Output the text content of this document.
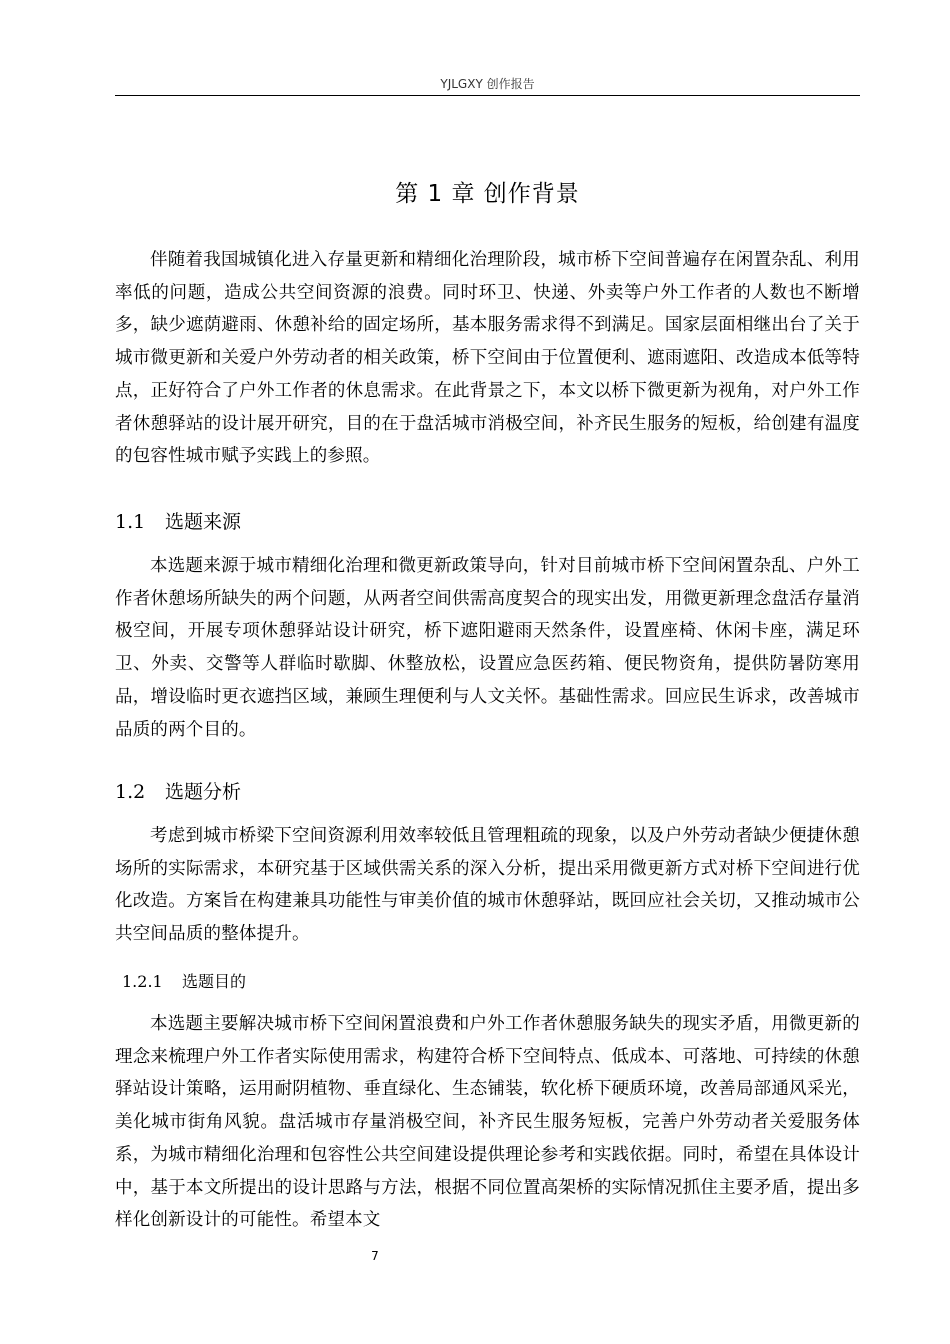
YJLGXY 创作报告
第 1 章 创作背景

伴随着我国城镇化进入存量更新和精细化治理阶段，城市桥下空间普遍存在闲置杂乱、利用率低的问题，造成公共空间资源的浪费。同时环卫、快递、外卖等户外工作者的人数也不断增多，缺少遮荫避雨、休憩补给的固定场所，基本服务需求得不到满足。国家层面相继出台了关于城市微更新和关爱户外劳动者的相关政策，桥下空间由于位置便利、遮雨遮阳、改造成本低等特点，正好符合了户外工作者的休息需求。在此背景之下，本文以桥下微更新为视角，对户外工作者休憩驿站的设计展开研究，目的在于盘活城市消极空间，补齐民生服务的短板，给创建有温度的包容性城市赋予实践上的参照。

1.1 选题来源

本选题来源于城市精细化治理和微更新政策导向，针对目前城市桥下空间闲置杂乱、户外工作者休憩场所缺失的两个问题，从两者空间供需高度契合的现实出发，用微更新理念盘活存量消极空间，开展专项休憩驿站设计研究，桥下遮阳避雨天然条件，设置座椅、休闲卡座，满足环卫、外卖、交警等人群临时歇脚、休整放松，设置应急医药箱、便民物资角，提供防暑防寒用品，增设临时更衣遮挡区域，兼顾生理便利与人文关怀。基础性需求。回应民生诉求，改善城市品质的两个目的。

1.2 选题分析

考虑到城市桥梁下空间资源利用效率较低且管理粗疏的现象，以及户外劳动者缺少便捷休憩场所的实际需求，本研究基于区域供需关系的深入分析，提出采用微更新方式对桥下空间进行优化改造。方案旨在构建兼具功能性与审美价值的城市休憩驿站，既回应社会关切，又推动城市公共空间品质的整体提升。

1.2.1 选题目的

本选题主要解决城市桥下空间闲置浪费和户外工作者休憩服务缺失的现实矛盾，用微更新的理念来梳理户外工作者实际使用需求，构建符合桥下空间特点、低成本、可落地、可持续的休憩驿站设计策略，运用耐阴植物、垂直绿化、生态铺装，软化桥下硬质环境，改善局部通风采光，美化城市街角风貌。盘活城市存量消极空间，补齐民生服务短板，完善户外劳动者关爱服务体系，为城市精细化治理和包容性公共空间建设提供理论参考和实践依据。同时，希望在具体设计中，基于本文所提出的设计思路与方法，根据不同位置高架桥的实际情况抓住主要矛盾，提出多样化创新设计的可能性。希望本文

7
